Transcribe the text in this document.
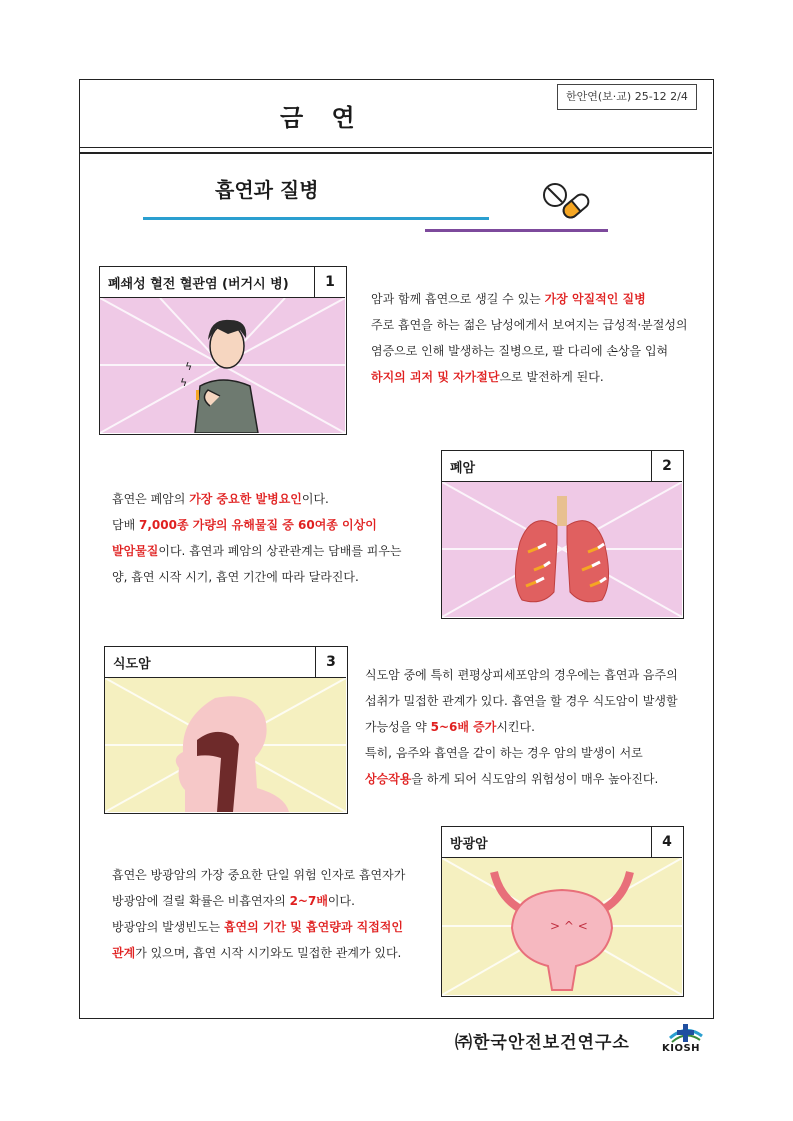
금 연
한안연(보·교) 25-12 2/4
흡연과 질병
폐쇄성 혈전 혈관염 (버거시 병)	1
ϟ
ϟ

암과 함께 흡연으로 생길 수 있는 가장 악질적인 질병

주로 흡연을 하는 젊은 남성에게서 보여지는 급성적·분절성의

염증으로 인해 발생하는 질병으로, 팔 다리에 손상을 입혀

하지의 괴저 및 자가절단으로 발전하게 된다.

폐암	2

흡연은 폐암의 가장 중요한 발병요인이다.

담배 7,000종 가량의 유해물질 중 60여종 이상이

발암물질이다. 흡연과 폐암의 상관관계는 담배를 피우는

양, 흡연 시작 시기, 흡연 기간에 따라 달라진다.

식도암	3

식도암 중에 특히 편평상피세포암의 경우에는 흡연과 음주의

섭취가 밀접한 관계가 있다. 흡연을 할 경우 식도암이 발생할

가능성을 약 5~6배 증가시킨다.

특히, 음주와 흡연을 같이 하는 경우 암의 발생이 서로

상승작용을 하게 되어 식도암의 위험성이 매우 높아진다.

방광암	4
> ^ <

흡연은 방광암의 가장 중요한 단일 위험 인자로 흡연자가

방광암에 걸릴 확률은 비흡연자의 2~7배이다.

방광암의 발생빈도는 흡연의 기간 및 흡연량과 직접적인

관계가 있으며, 흡연 시작 시기와도 밀접한 관계가 있다.

㈜한국안전보건연구소	KIOSH
